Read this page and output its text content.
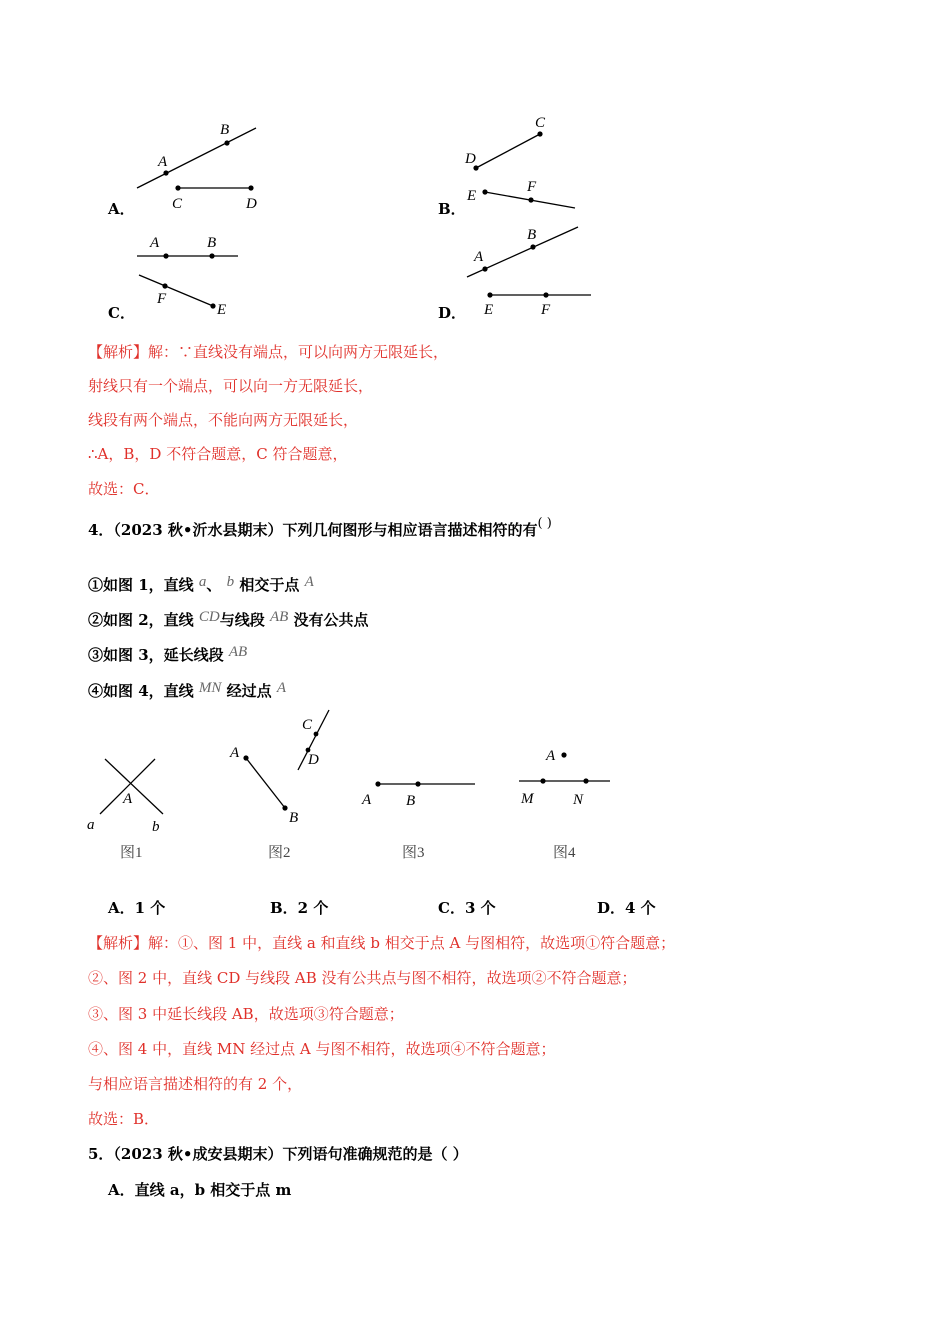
A．
A
B
C	D
C
D
E
F
A	B
F
E
B
A
E	F
B．
C．	D．
【解析】解：∵直线没有端点，可以向两方无限延长，
射线只有一个端点，可以向一方无限延长，
线段有两个端点，不能向两方无限延长，
∴A，B，D 不符合题意，C 符合题意，
故选：C．
4．（2023 秋•沂水县期末）下列几何图形与相应语言描述相符的有( )
①如图 1，直线 a、 b 相交于点 A
②如图 2，直线 CD与线段 AB 没有公共点
③如图 3，延长线段 AB
④如图 4，直线 MN 经过点 A
A
a	b
图1
A
B
C
D
图2
A B
图3
A
M	N
图4
A．1 个	B．2 个	C．3 个	D．4 个
【解析】解：①、图 1 中，直线 a 和直线 b 相交于点 A 与图相符，故选项①符合题意；
②、图 2 中，直线 CD 与线段 AB 没有公共点与图不相符，故选项②不符合题意；
③、图 3 中延长线段 AB，故选项③符合题意；
④、图 4 中，直线 MN 经过点 A 与图不相符，故选项④不符合题意；
与相应语言描述相符的有 2 个，
故选：B．
5．（2023 秋•成安县期末）下列语句准确规范的是（ ）
A．直线 a，b 相交于点 m
